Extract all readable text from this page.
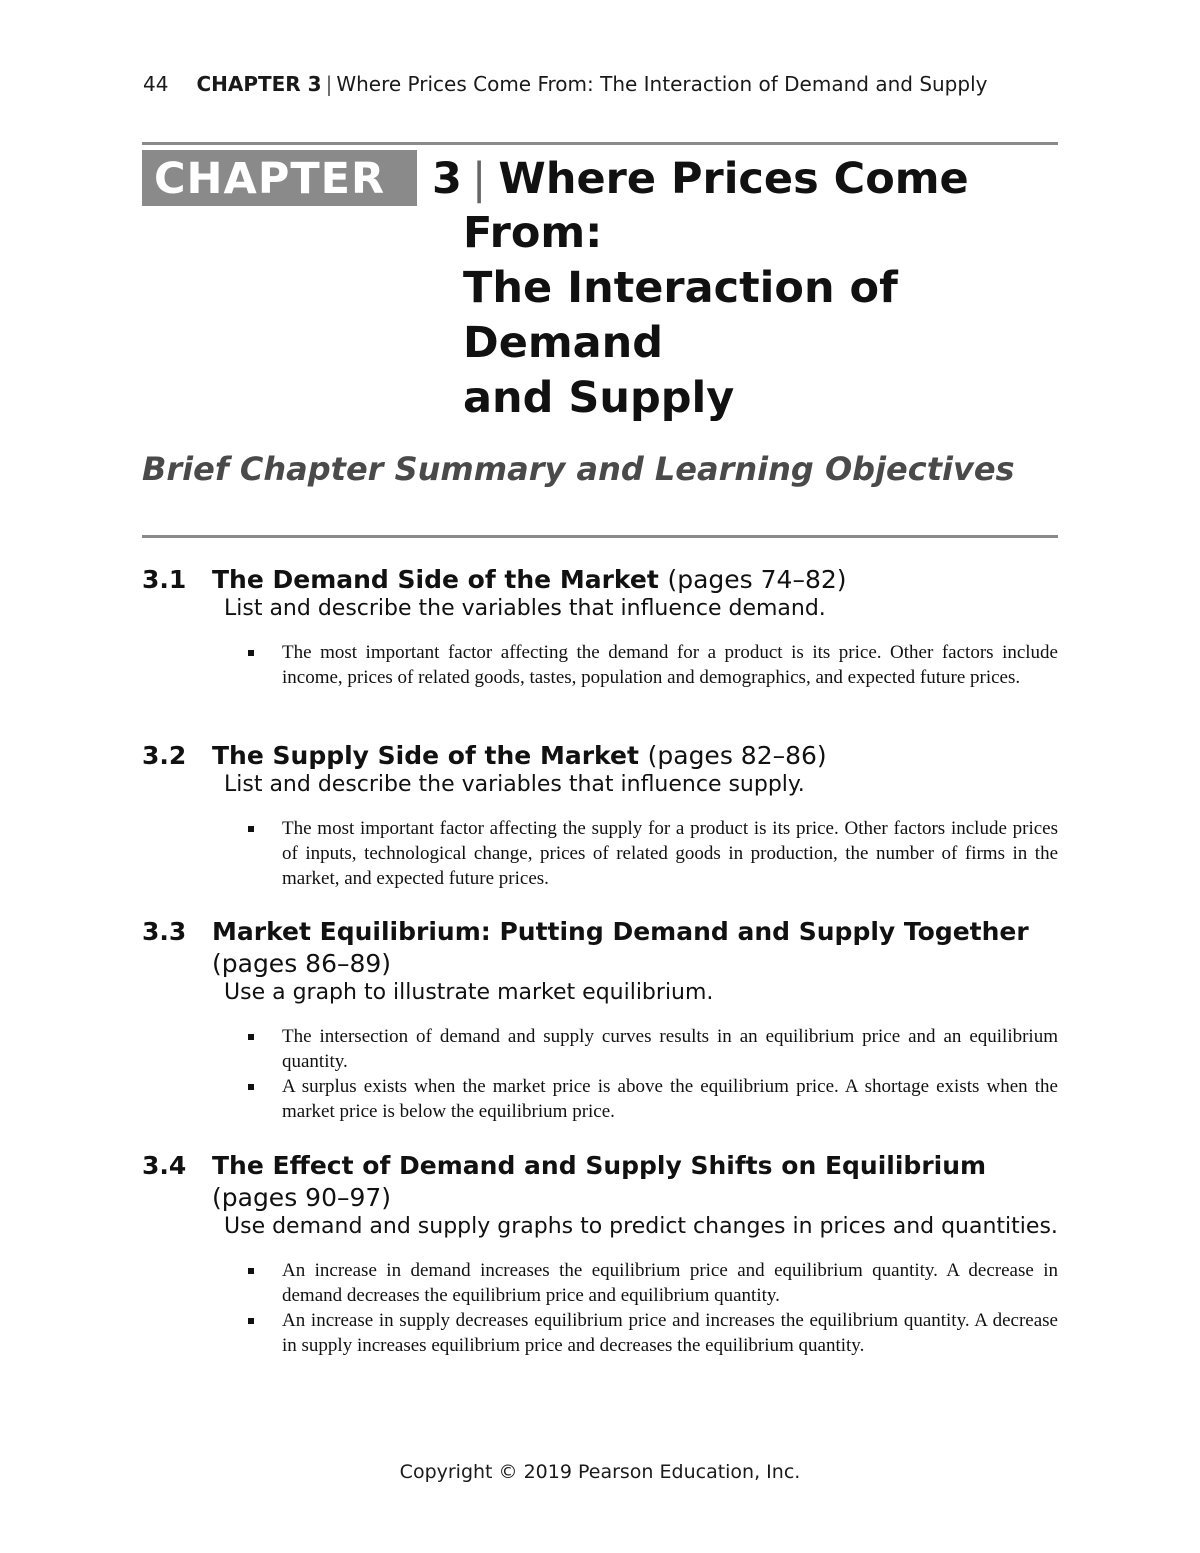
44 CHAPTER 3 | Where Prices Come From: The Interaction of Demand and Supply
CHAPTER	3 | Where Prices Come
From:
The Interaction of
Demand
and Supply
Brief Chapter Summary and Learning Objectives
3.1 The Demand Side of the Market (pages 74–82)
List and describe the variables that influence demand.
The most important factor affecting the demand for a product is its price. Other factors include income, prices of related goods, tastes, population and demographics, and expected future prices.
3.2 The Supply Side of the Market (pages 82–86)
List and describe the variables that influence supply.
The most important factor affecting the supply for a product is its price. Other factors include prices of inputs, technological change, prices of related goods in production, the number of firms in the market, and expected future prices.
3.3 Market Equilibrium: Putting Demand and Supply Together (pages 86–89)
Use a graph to illustrate market equilibrium.
The intersection of demand and supply curves results in an equilibrium price and an equilibrium quantity.
A surplus exists when the market price is above the equilibrium price. A shortage exists when the market price is below the equilibrium price.
3.4 The Effect of Demand and Supply Shifts on Equilibrium (pages 90–97)
Use demand and supply graphs to predict changes in prices and quantities.
An increase in demand increases the equilibrium price and equilibrium quantity. A decrease in demand decreases the equilibrium price and equilibrium quantity.
An increase in supply decreases equilibrium price and increases the equilibrium quantity. A decrease in supply increases equilibrium price and decreases the equilibrium quantity.
Copyright © 2019 Pearson Education, Inc.
